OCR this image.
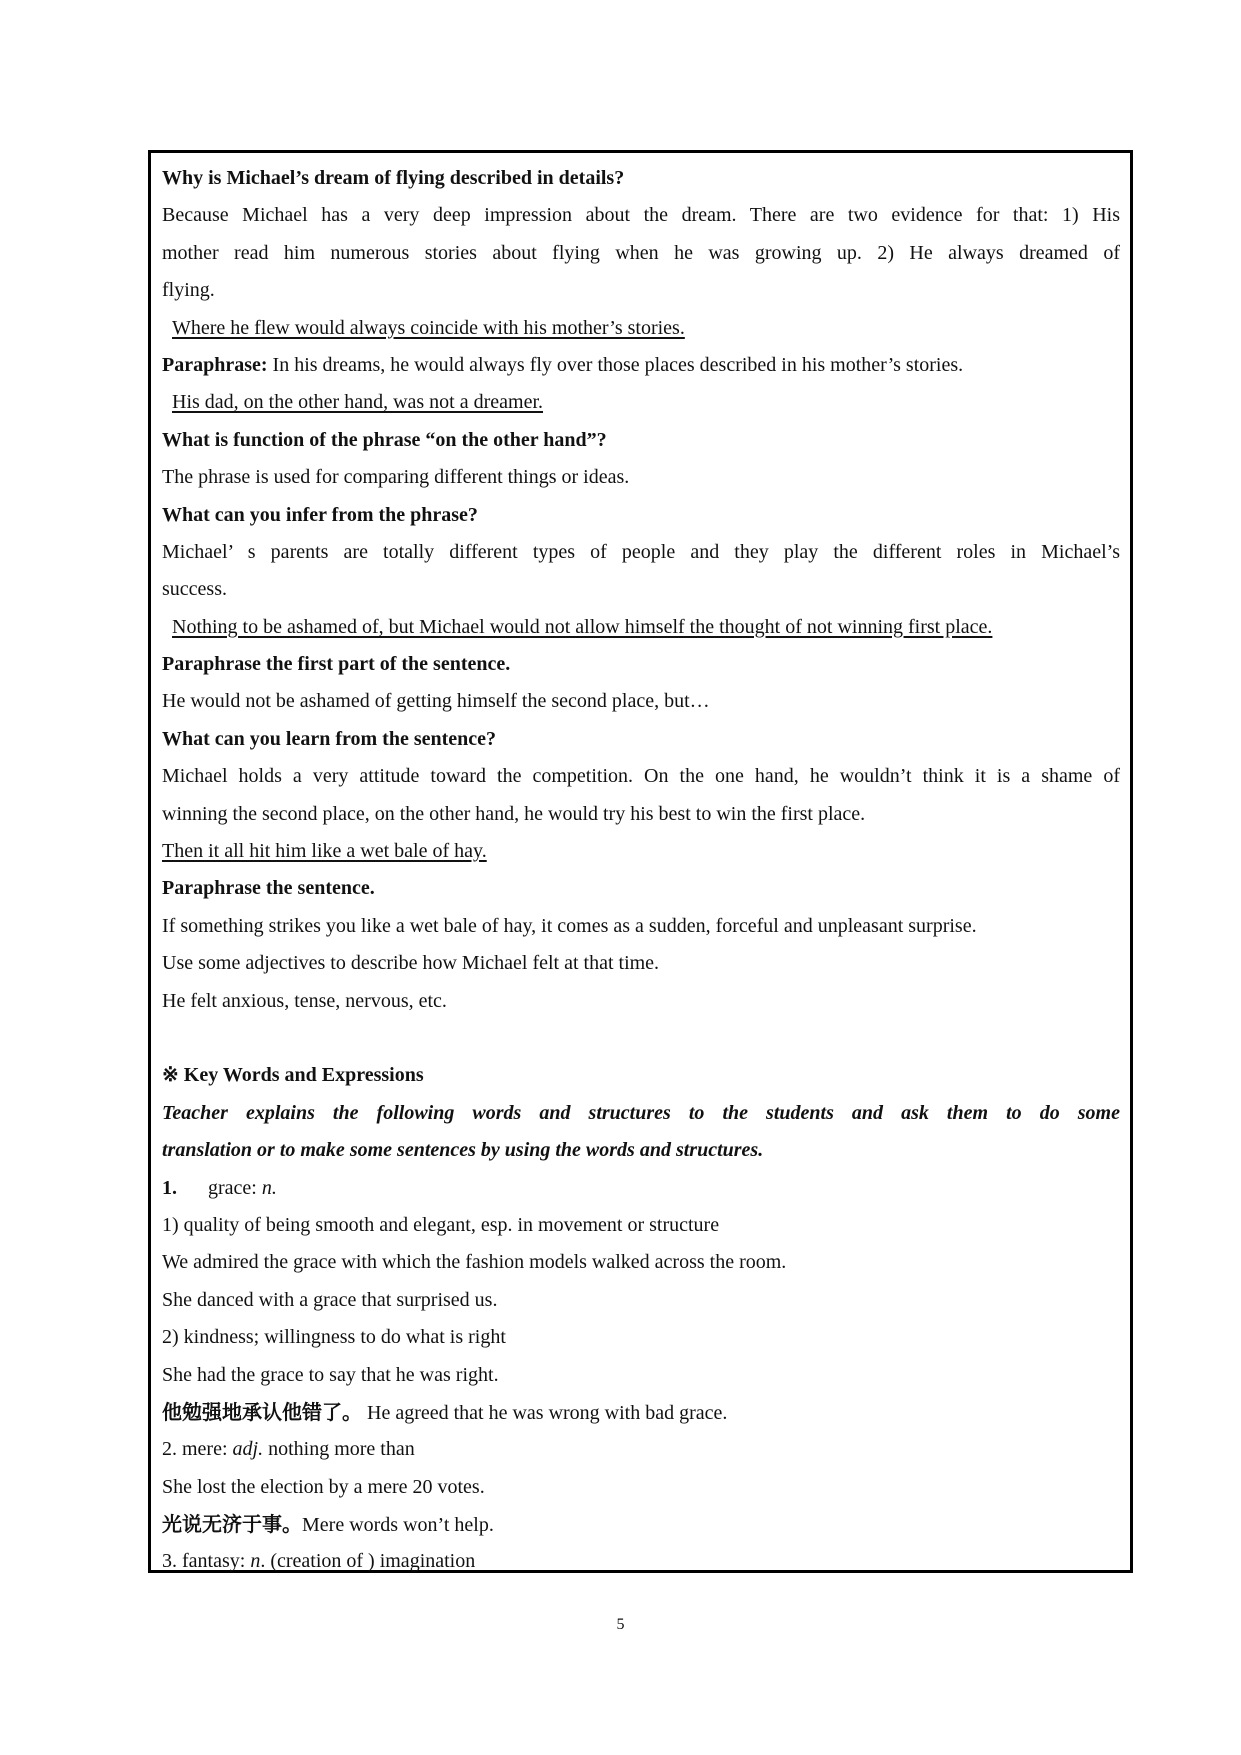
Why is Michael’s dream of flying described in details?
Because Michael has a very deep impression about the dream. There are two evidence for that: 1) His
mother read him numerous stories about flying when he was growing up. 2) He always dreamed of
flying.
Where he flew would always coincide with his mother’s stories.
Paraphrase: In his dreams, he would always fly over those places described in his mother’s stories.
His dad, on the other hand, was not a dreamer.
What is function of the phrase “on the other hand”?
The phrase is used for comparing different things or ideas.
What can you infer from the phrase?
Michael’ s parents are totally different types of people and they play the different roles in Michael’s
success.
Nothing to be ashamed of, but Michael would not allow himself the thought of not winning first place.
Paraphrase the first part of the sentence.
He would not be ashamed of getting himself the second place, but…
What can you learn from the sentence?
Michael holds a very attitude toward the competition. On the one hand, he wouldn’t think it is a shame of
winning the second place, on the other hand, he would try his best to win the first place.
Then it all hit him like a wet bale of hay.
Paraphrase the sentence.
If something strikes you like a wet bale of hay, it comes as a sudden, forceful and unpleasant surprise.
Use some adjectives to describe how Michael felt at that time.
He felt anxious, tense, nervous, etc.
※ Key Words and Expressions
Teacher explains the following words and structures to the students and ask them to do some
translation or to make some sentences by using the words and structures.
1. grace: n.
1) quality of being smooth and elegant, esp. in movement or structure
We admired the grace with which the fashion models walked across the room.
She danced with a grace that surprised us.
2) kindness; willingness to do what is right
She had the grace to say that he was right.
他勉强地承认他错了。 He agreed that he was wrong with bad grace.
2. mere: adj. nothing more than
She lost the election by a mere 20 votes.
光说无济于事。Mere words won’t help.
3. fantasy: n. (creation of ) imagination
5
